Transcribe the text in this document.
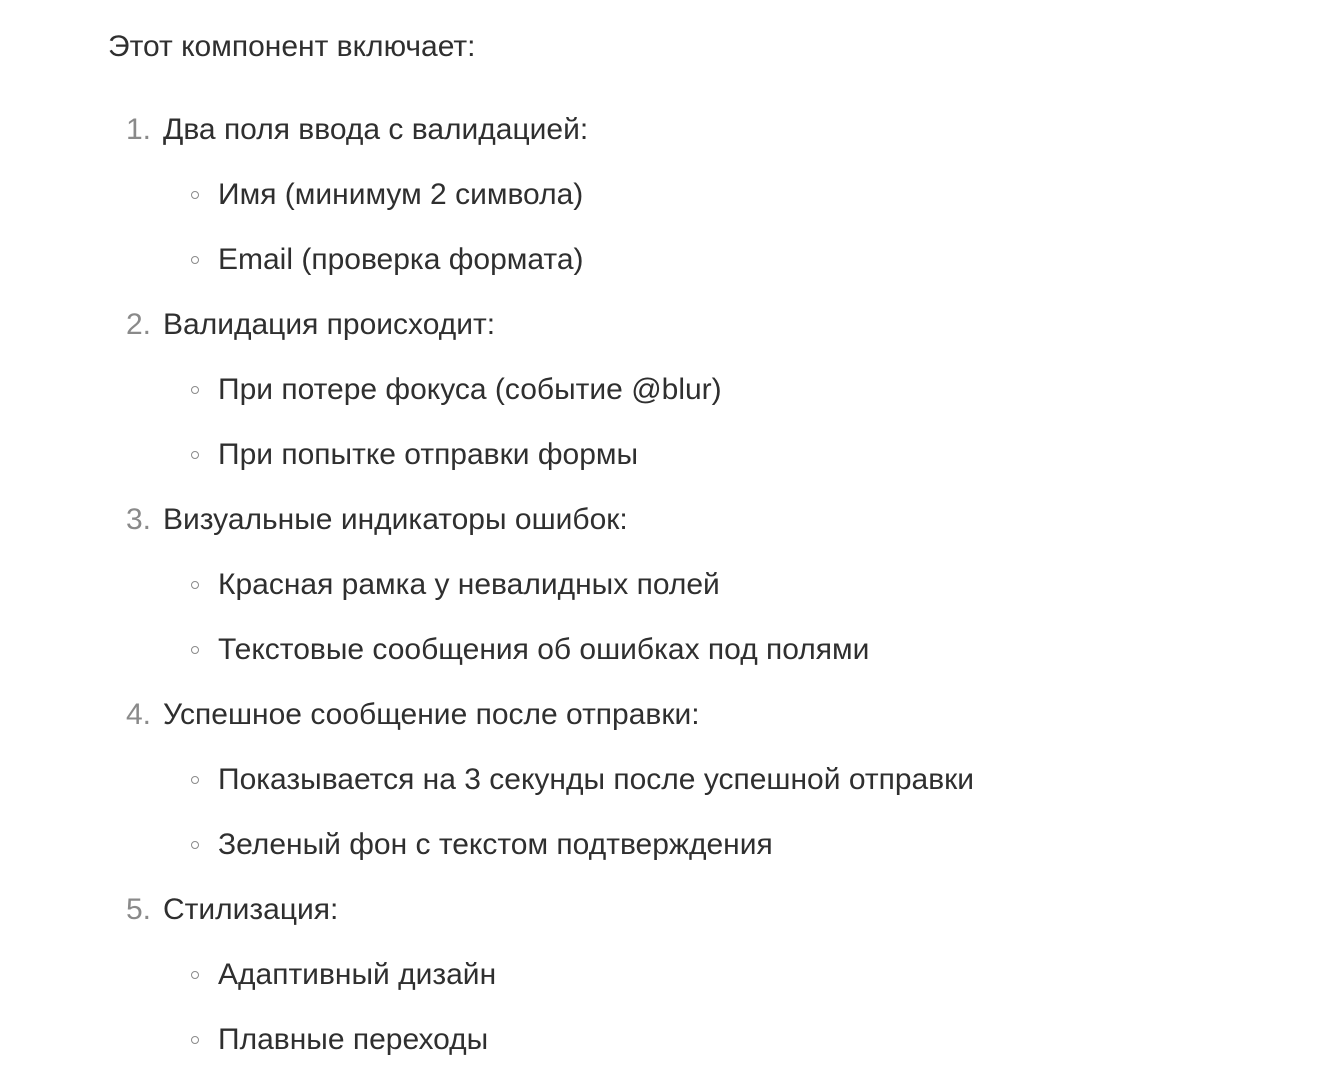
Этот компонент включает:
1. Два поля ввода с валидацией:
Имя (минимум 2 символа)
Email (проверка формата)
2. Валидация происходит:
При потере фокуса (событие @blur)
При попытке отправки формы
3. Визуальные индикаторы ошибок:
Красная рамка у невалидных полей
Текстовые сообщения об ошибках под полями
4. Успешное сообщение после отправки:
Показывается на 3 секунды после успешной отправки
Зеленый фон с текстом подтверждения
5. Стилизация:
Адаптивный дизайн
Плавные переходы
